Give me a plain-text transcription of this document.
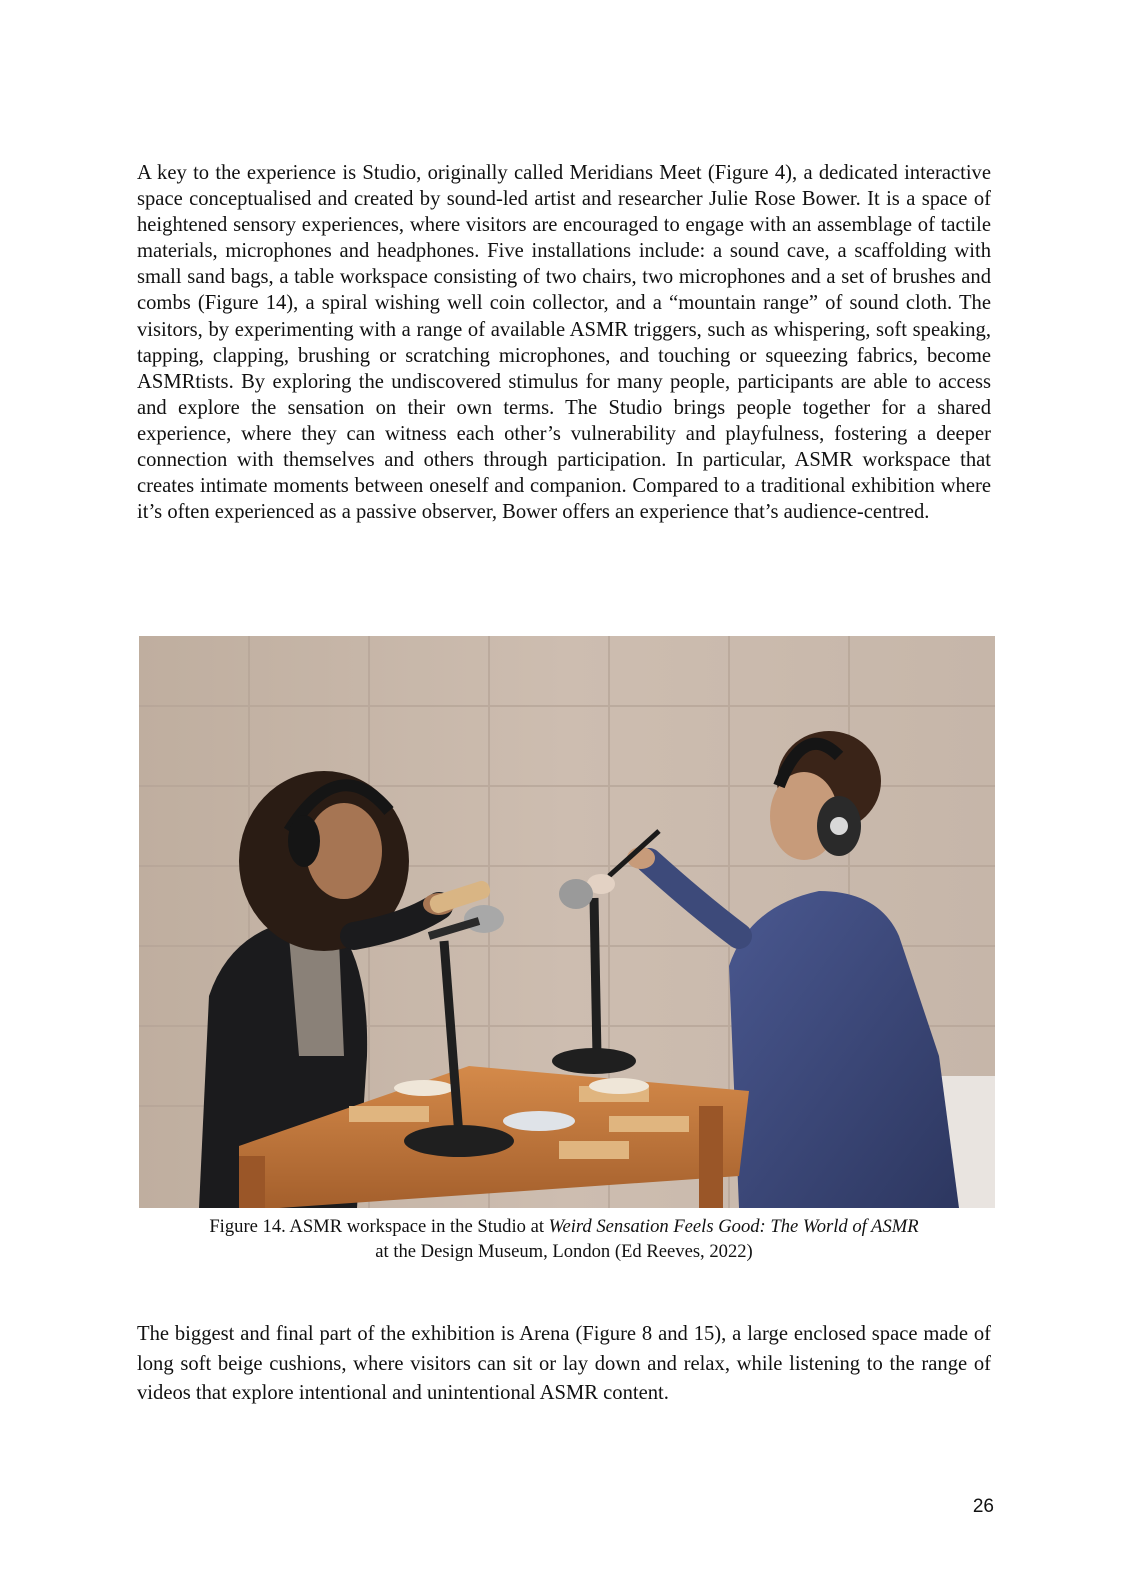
A key to the experience is Studio, originally called Meridians Meet (Figure 4), a dedicated interactive space conceptualised and created by sound-led artist and researcher Julie Rose Bower. It is a space of heightened sensory experiences, where visitors are encouraged to engage with an assemblage of tactile materials, microphones and headphones. Five installations include: a sound cave, a scaffolding with small sand bags, a table workspace consisting of two chairs, two microphones and a set of brushes and combs (Figure 14), a spiral wishing well coin collector, and a “mountain range” of sound cloth. The visitors, by experimenting with a range of available ASMR triggers, such as whispering, soft speaking, tapping, clapping, brushing or scratching microphones, and touching or squeezing fabrics, become ASMRtists. By exploring the undiscovered stimulus for many people, participants are able to access and explore the sensation on their own terms. The Studio brings people together for a shared experience, where they can witness each other’s vulnerability and playfulness, fostering a deeper connection with themselves and others through participation. In particular, ASMR workspace that creates intimate moments between oneself and companion. Compared to a traditional exhibition where it’s often experienced as a passive observer, Bower offers an experience that’s audience-centred.

Figure 14. ASMR workspace in the Studio at Weird Sensation Feels Good: The World of ASMR
at the Design Museum, London (Ed Reeves, 2022)

The biggest and final part of the exhibition is Arena (Figure 8 and 15), a large enclosed space made of long soft beige cushions, where visitors can sit or lay down and relax, while listening to the range of videos that explore intentional and unintentional ASMR content.

26
